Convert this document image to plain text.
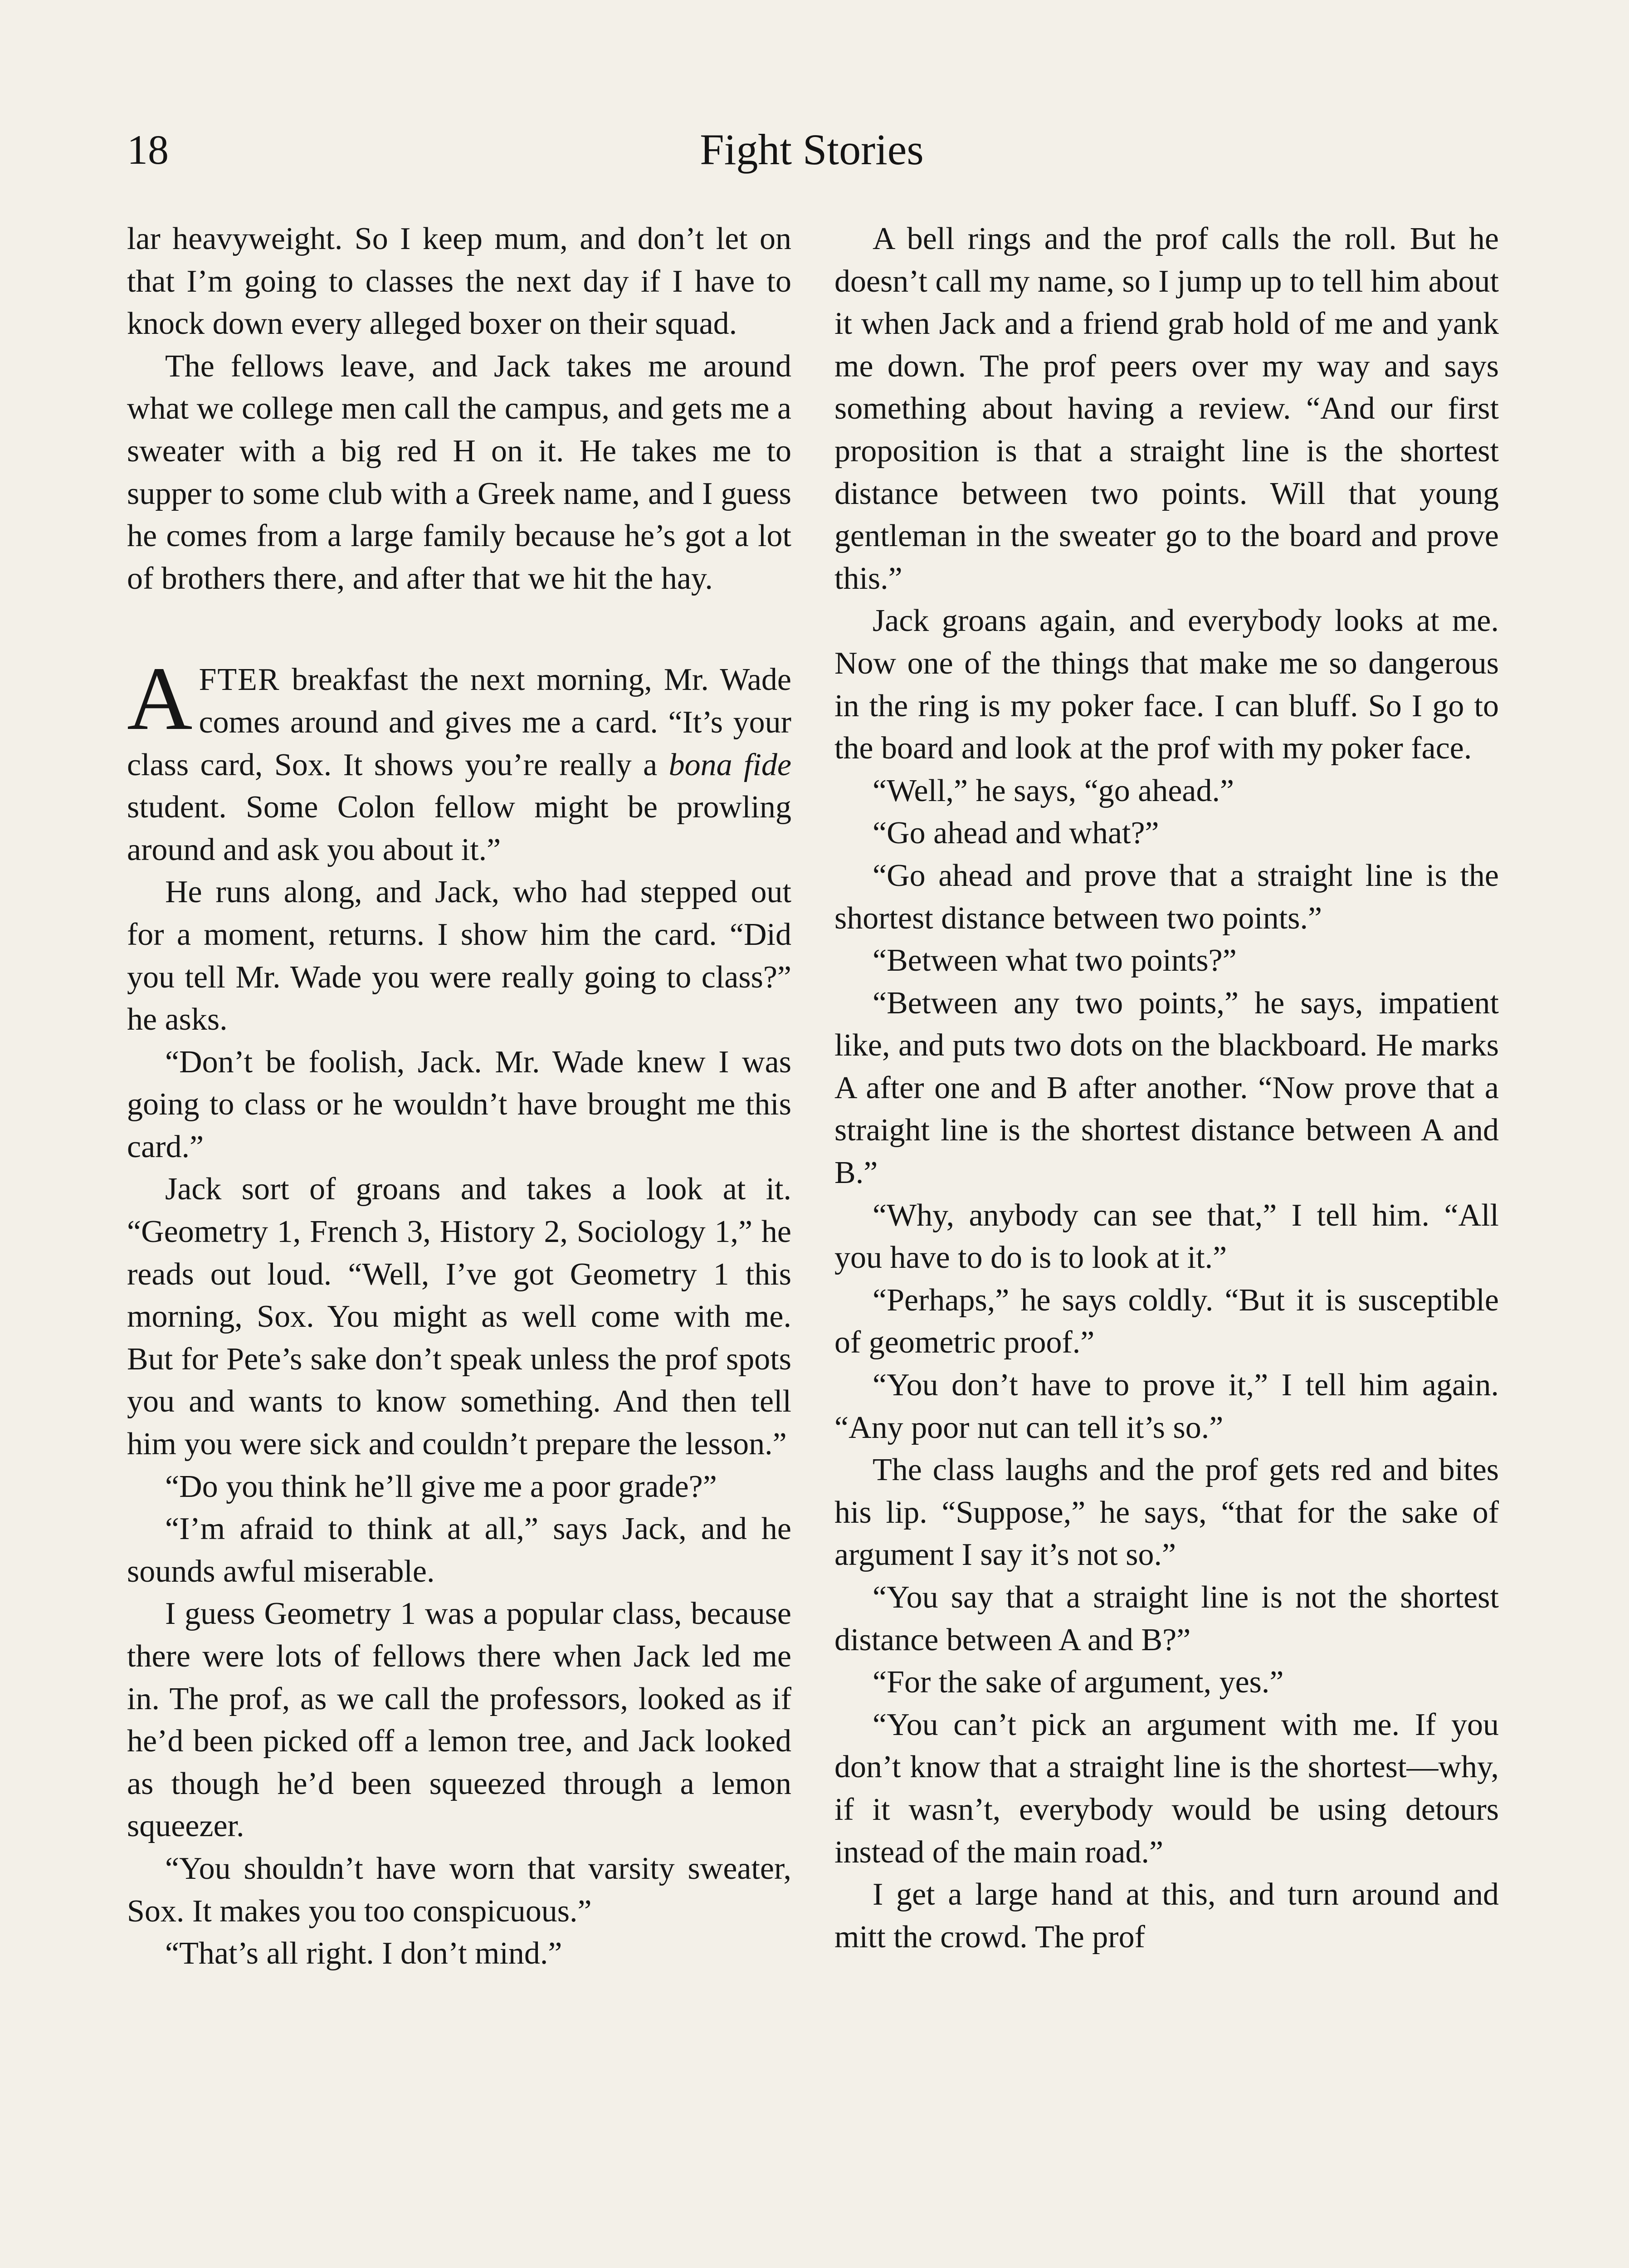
18	Fight Stories

lar heavyweight. So I keep mum, and don’t let on that I’m going to classes the next day if I have to knock down every alleged boxer on their squad.

The fellows leave, and Jack takes me around what we college men call the campus, and gets me a sweater with a big red H on it. He takes me to supper to some club with a Greek name, and I guess he comes from a large family because he’s got a lot of brothers there, and after that we hit the hay.

AFTER breakfast the next morning, Mr. Wade comes around and gives me a card. “It’s your class card, Sox. It shows you’re really a bona fide student. Some Colon fellow might be prowling around and ask you about it.”

He runs along, and Jack, who had stepped out for a moment, returns. I show him the card. “Did you tell Mr. Wade you were really going to class?” he asks.

“Don’t be foolish, Jack. Mr. Wade knew I was going to class or he wouldn’t have brought me this card.”

Jack sort of groans and takes a look at it. “Geometry 1, French 3, History 2, Sociology 1,” he reads out loud. “Well, I’ve got Geometry 1 this morning, Sox. You might as well come with me. But for Pete’s sake don’t speak unless the prof spots you and wants to know something. And then tell him you were sick and couldn’t prepare the lesson.”

“Do you think he’ll give me a poor grade?”

“I’m afraid to think at all,” says Jack, and he sounds awful miserable.

I guess Geometry 1 was a popular class, because there were lots of fellows there when Jack led me in. The prof, as we call the professors, looked as if he’d been picked off a lemon tree, and Jack looked as though he’d been squeezed through a lemon squeezer.

“You shouldn’t have worn that varsity sweater, Sox. It makes you too conspicuous.”

“That’s all right. I don’t mind.”

A bell rings and the prof calls the roll. But he doesn’t call my name, so I jump up to tell him about it when Jack and a friend grab hold of me and yank me down. The prof peers over my way and says something about having a review. “And our first proposition is that a straight line is the shortest distance between two points. Will that young gentleman in the sweater go to the board and prove this.”

Jack groans again, and everybody looks at me. Now one of the things that make me so dangerous in the ring is my poker face. I can bluff. So I go to the board and look at the prof with my poker face.

“Well,” he says, “go ahead.”

“Go ahead and what?”

“Go ahead and prove that a straight line is the shortest distance between two points.”

“Between what two points?”

“Between any two points,” he says, impatient like, and puts two dots on the blackboard. He marks A after one and B after another. “Now prove that a straight line is the shortest distance between A and B.”

“Why, anybody can see that,” I tell him. “All you have to do is to look at it.”

“Perhaps,” he says coldly. “But it is susceptible of geometric proof.”

“You don’t have to prove it,” I tell him again. “Any poor nut can tell it’s so.”

The class laughs and the prof gets red and bites his lip. “Suppose,” he says, “that for the sake of argument I say it’s not so.”

“You say that a straight line is not the shortest distance between A and B?”

“For the sake of argument, yes.”

“You can’t pick an argument with me. If you don’t know that a straight line is the shortest—why, if it wasn’t, everybody would be using detours instead of the main road.”

I get a large hand at this, and turn around and mitt the crowd. The prof
